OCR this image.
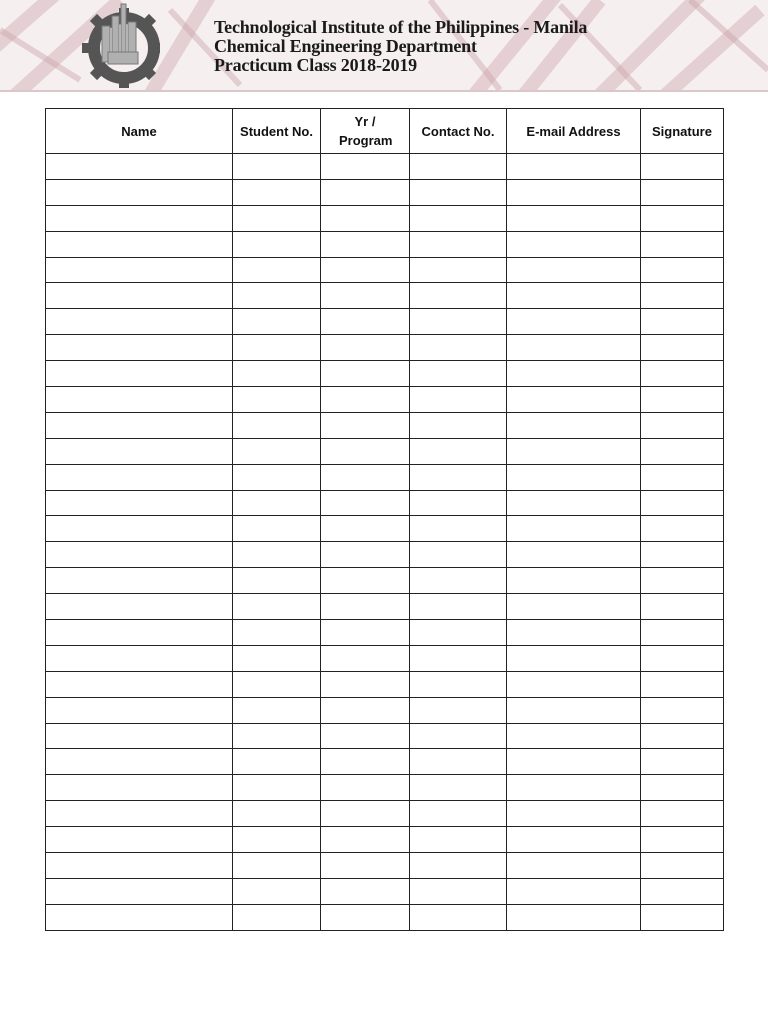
Technological Institute of the Philippines - Manila
Chemical Engineering Department
Practicum Class 2018-2019
Name	Student No.	Yr / Program	Contact No.	E-mail Address	Signature
